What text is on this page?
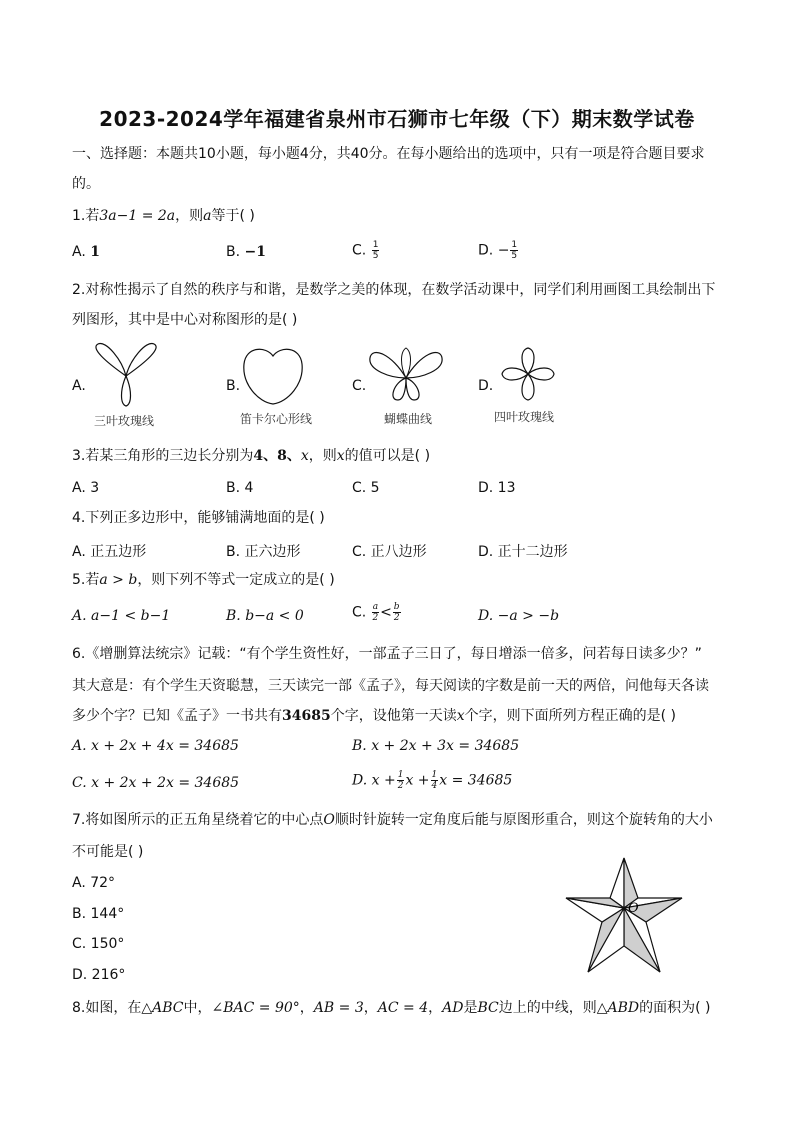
2023-2024学年福建省泉州市石狮市七年级（下）期末数学试卷
一、选择题：本题共10小题，每小题4分，共40分。在每小题给出的选项中，只有一项是符合题目要求
的。
1.若3a−1 = 2a，则a等于( )
A. 1	B. −1	C. $\frac{1}{5}$	D. − $\frac{1}{5}$
2.对称性揭示了自然的秩序与和谐，是数学之美的体现，在数学活动课中，同学们利用画图工具绘制出下
列图形，其中是中心对称图形的是( )
A.
三叶玫瑰线
B.
笛卡尔心形线
C.
蝴蝶曲线
D.
四叶玫瑰线
3.若某三角形的三边长分别为4、8、x，则x的值可以是( )
A. 3	B. 4	C. 5	D. 13
4.下列正多边形中，能够铺满地面的是( )
A. 正五边形	B. 正六边形	C. 正八边形	D. 正十二边形
5.若a > b，则下列不等式一定成立的是( )
A. a−1 < b−1	B. b−a < 0	C. $\frac{a}{2} < \frac{b}{2}$	D. −a > −b
6.《增删算法统宗》记载：“有个学生资性好，一部孟子三日了，每日增添一倍多，问若每日读多少？”
其大意是：有个学生天资聪慧，三天读完一部《孟子》，每天阅读的字数是前一天的两倍，问他每天各读
多少个字？已知《孟子》一书共有34685个字，设他第一天读x个字，则下面所列方程正确的是( )
A. x + 2x + 4x = 34685	B. x + 2x + 3x = 34685
C. x + 2x + 2x = 34685	D. $x + \frac{1}{2}$ $x + \frac{1}{4}$ x = 34685
7.将如图所示的正五角星绕着它的中心点O顺时针旋转一定角度后能与原图形重合，则这个旋转角的大小
不可能是( )
A. 72°
B. 144°
C. 150°
D. 216°
O
8.如图，在△ABC中，∠BAC = 90°，AB = 3，AC = 4，AD是BC边上的中线，则△ABD的面积为( )
